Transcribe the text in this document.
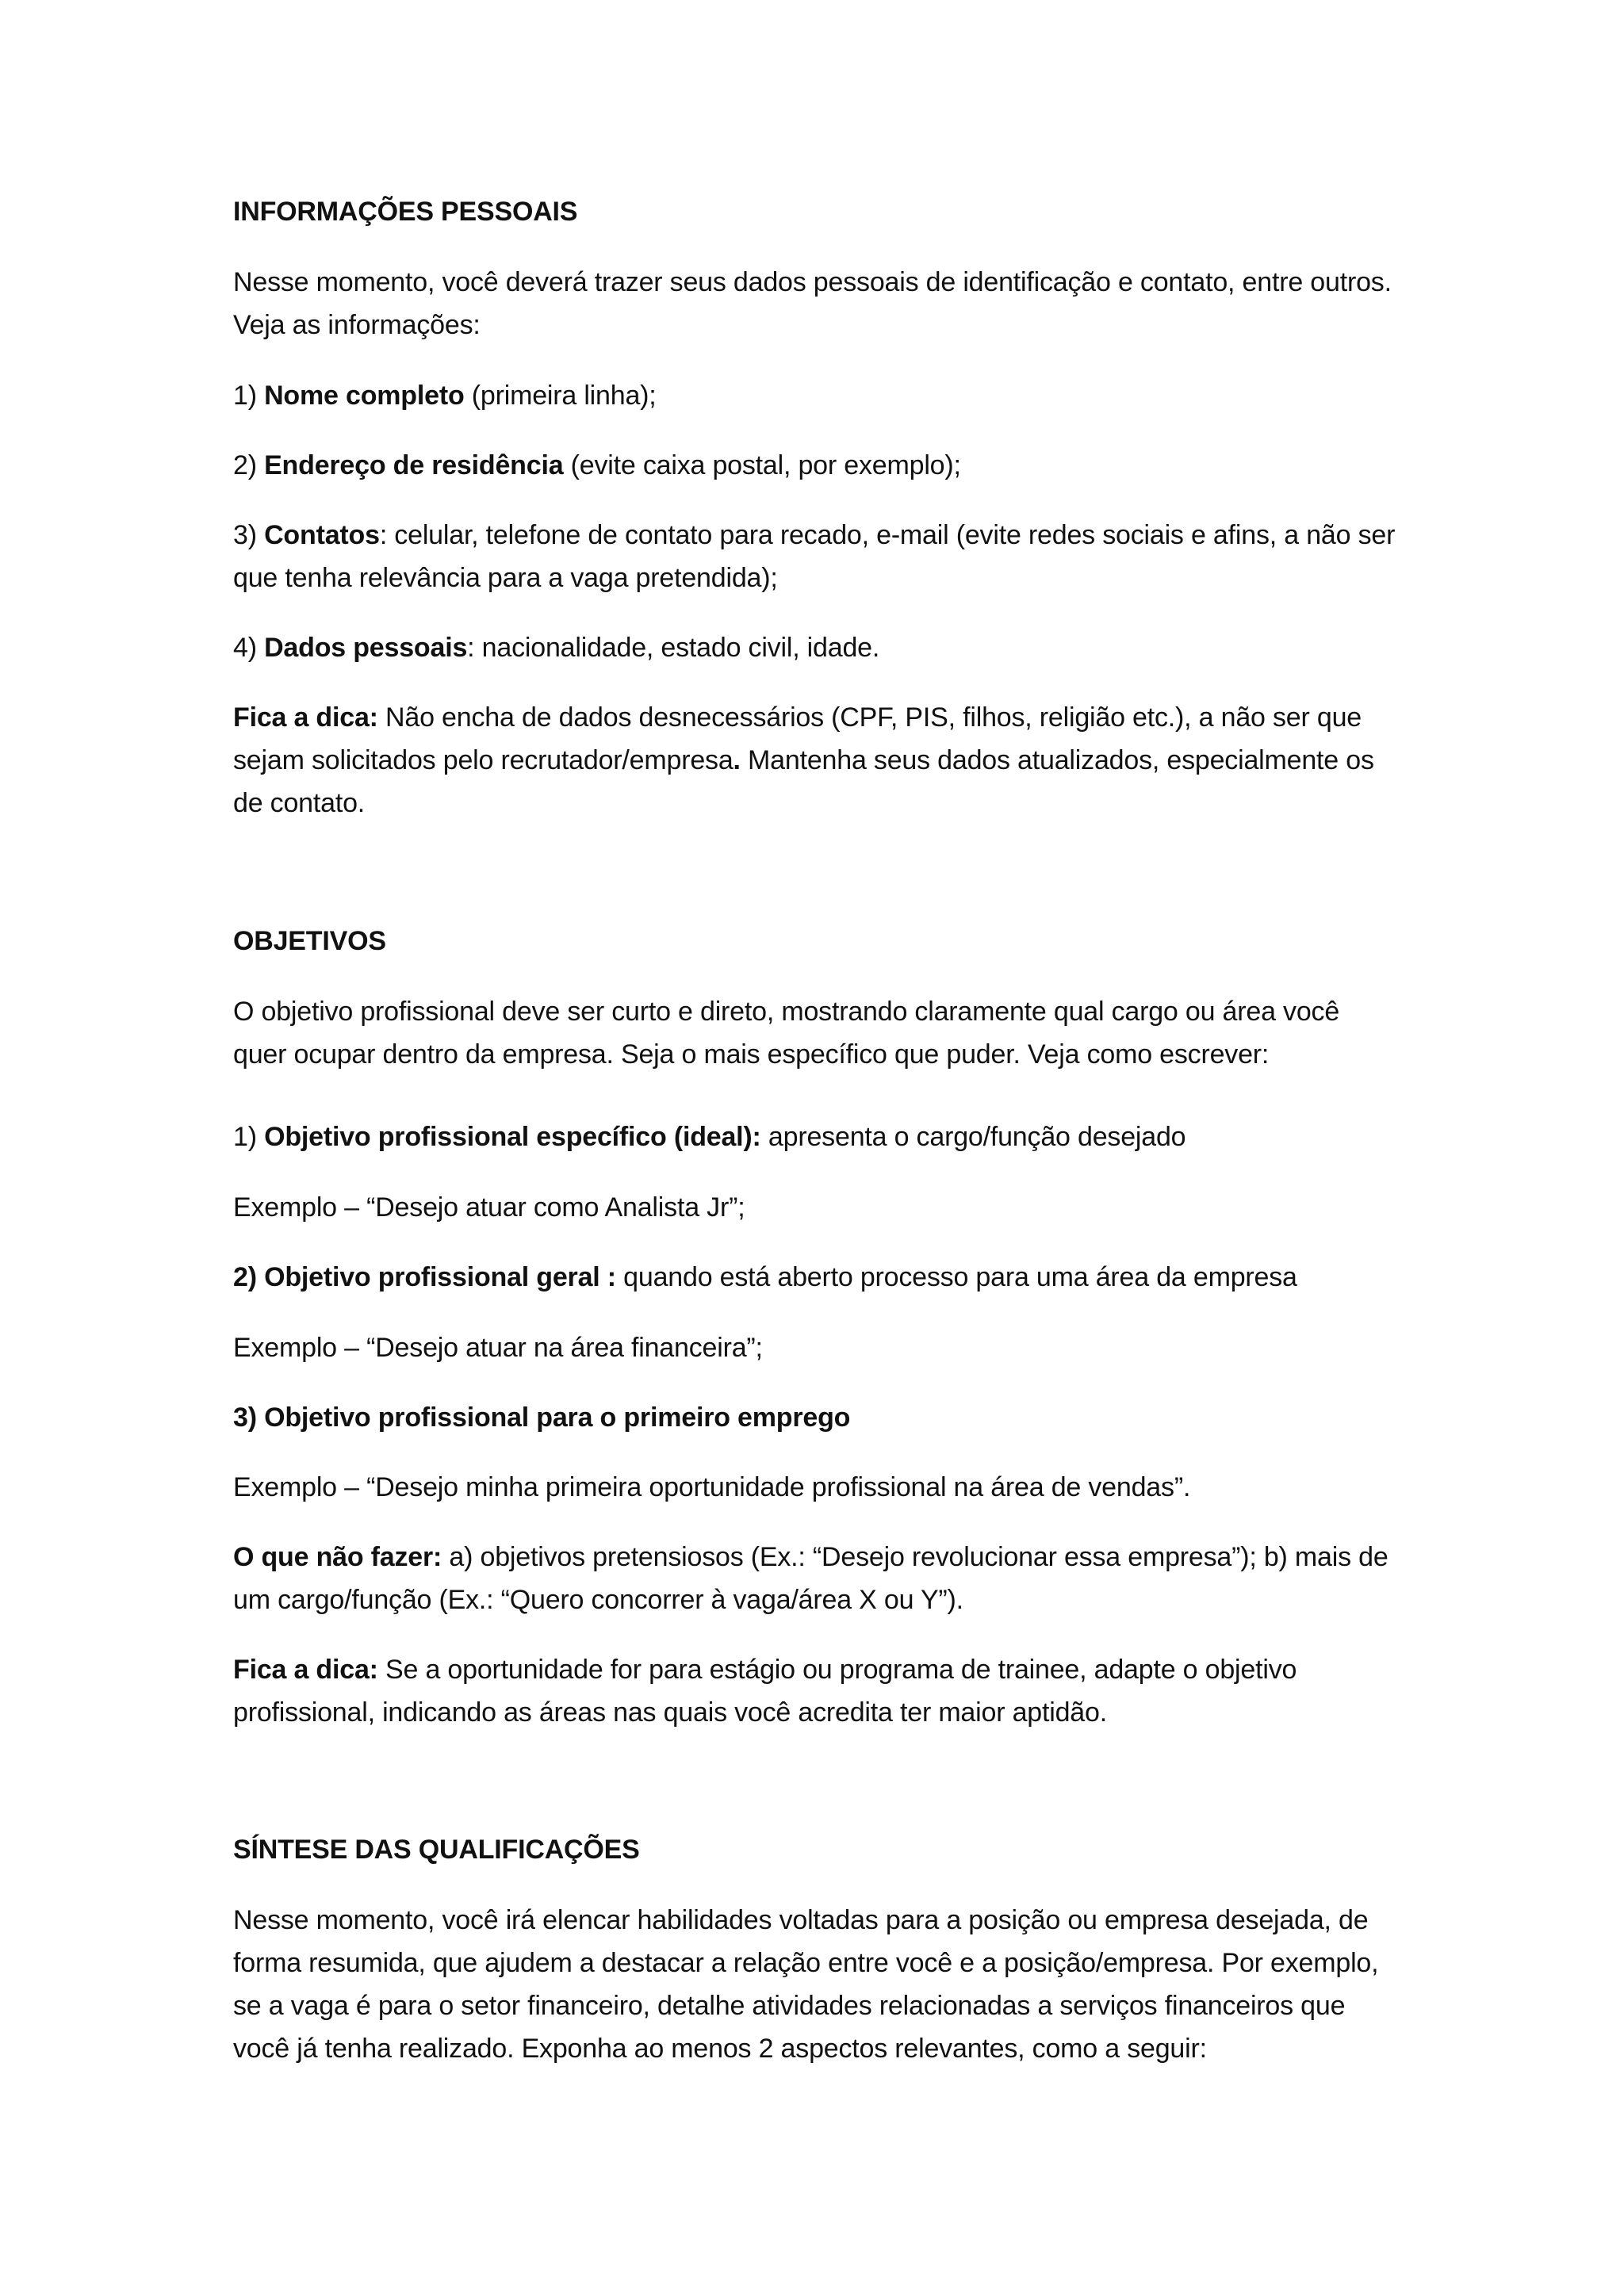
INFORMAÇÕES PESSOAIS

Nesse momento, você deverá trazer seus dados pessoais de identificação e contato, entre outros. Veja as informações:

1) Nome completo (primeira linha);

2) Endereço de residência (evite caixa postal, por exemplo);

3) Contatos: celular, telefone de contato para recado, e-mail (evite redes sociais e afins, a não ser que tenha relevância para a vaga pretendida);

4) Dados pessoais: nacionalidade, estado civil, idade.

Fica a dica: Não encha de dados desnecessários (CPF, PIS, filhos, religião etc.), a não ser que sejam solicitados pelo recrutador/empresa. Mantenha seus dados atualizados, especialmente os de contato.

OBJETIVOS

O objetivo profissional deve ser curto e direto, mostrando claramente qual cargo ou área você quer ocupar dentro da empresa. Seja o mais específico que puder. Veja como escrever:

1) Objetivo profissional específico (ideal): apresenta o cargo/função desejado

Exemplo – “Desejo atuar como Analista Jr”;

2) Objetivo profissional geral : quando está aberto processo para uma área da empresa

Exemplo – “Desejo atuar na área financeira”;

3) Objetivo profissional para o primeiro emprego

Exemplo – “Desejo minha primeira oportunidade profissional na área de vendas”.

O que não fazer: a) objetivos pretensiosos (Ex.: “Desejo revolucionar essa empresa”); b) mais de um cargo/função (Ex.: “Quero concorrer à vaga/área X ou Y”).

Fica a dica: Se a oportunidade for para estágio ou programa de trainee, adapte o objetivo profissional, indicando as áreas nas quais você acredita ter maior aptidão.

SÍNTESE DAS QUALIFICAÇÕES

Nesse momento, você irá elencar habilidades voltadas para a posição ou empresa desejada, de forma resumida, que ajudem a destacar a relação entre você e a posição/empresa. Por exemplo, se a vaga é para o setor financeiro, detalhe atividades relacionadas a serviços financeiros que você já tenha realizado. Exponha ao menos 2 aspectos relevantes, como a seguir:
